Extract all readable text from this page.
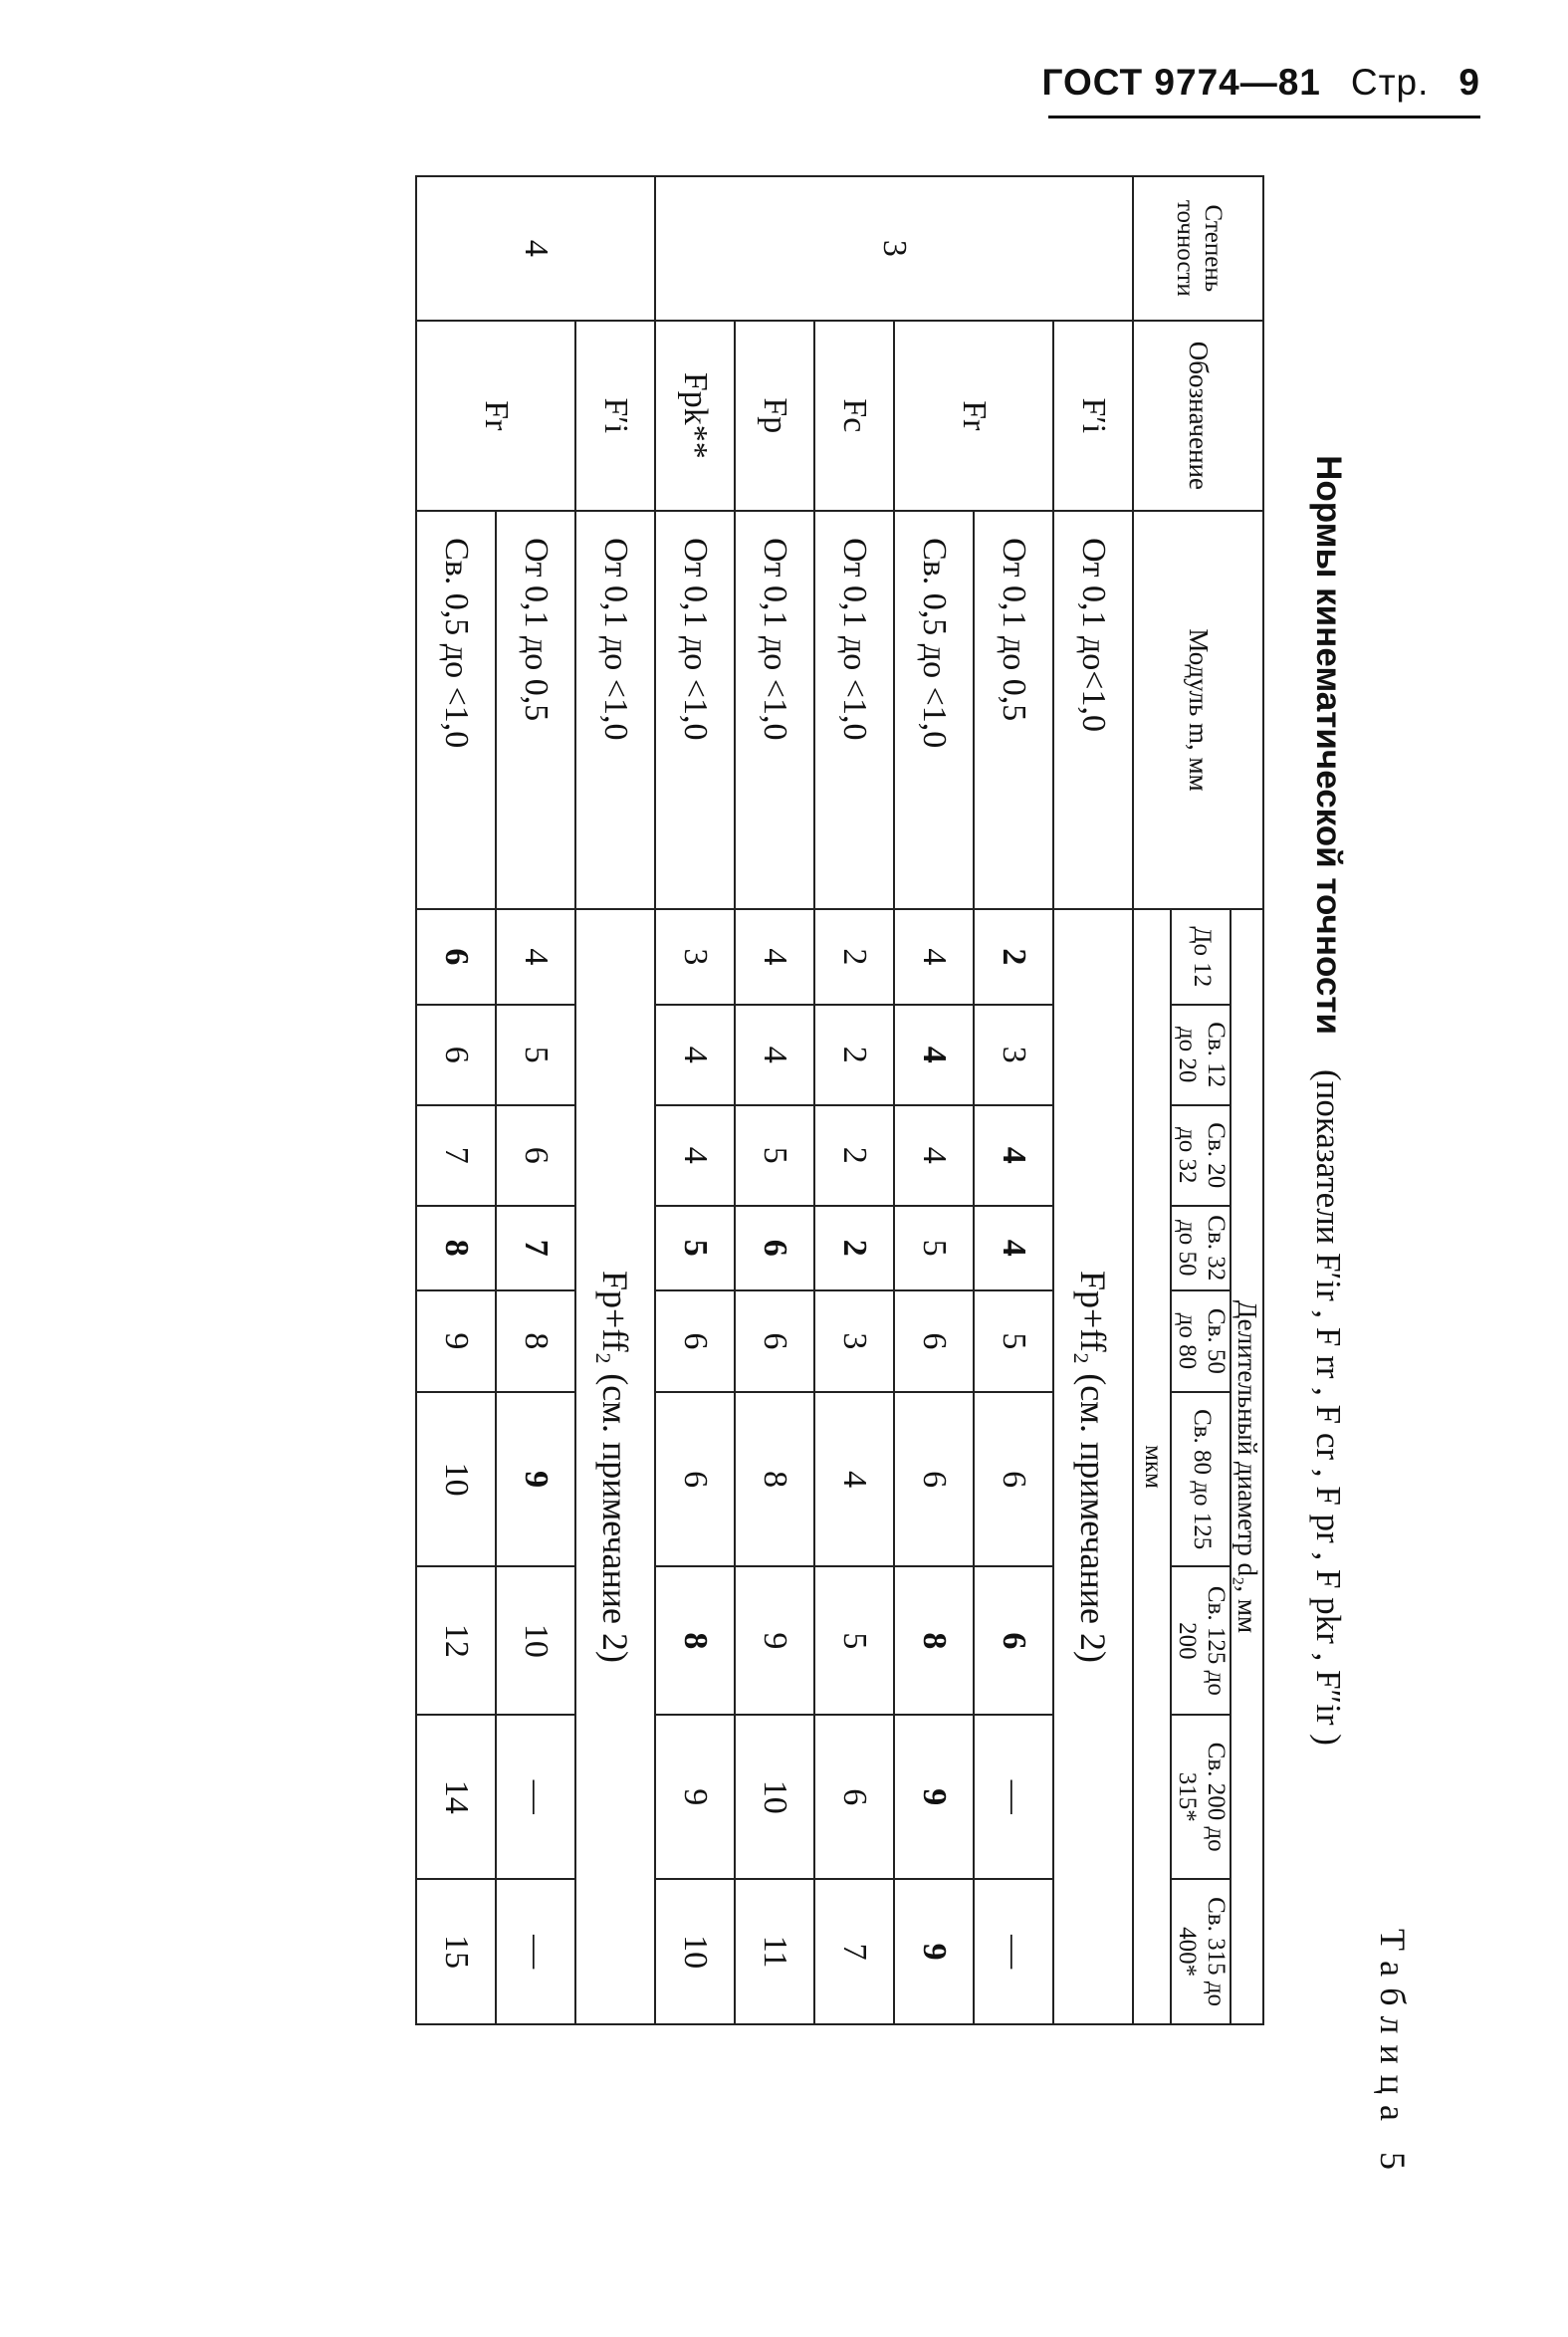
ГОСТ 9774—81 Стр. 9
Таблица 5
Нормы кинематической точности    (показатели F′ir , F rr , F cr , F pr , F pkr , F″ir )
Степень точности	Обозначение	Модуль m, мм	Делительный диаметр d₂, мм								
			До 12	Св. 12 до 20	Св. 20 до 32	Св. 32 до 50	Св. 50 до 80	Св. 80 до 125	Св. 125 до 200	Св. 200 до 315*	Св. 315 до 400*
			мкм								
3	F′i	От 0,1 до<1,0	Fp+ff₂ (см. примечание 2)								
	Fr	От 0,1 до 0,5	2	3	4	4	5	6	6	—	—
		Св. 0,5 до <1,0	4	4	4	5	6	6	8	9	9
	Fc	От 0,1 до <1,0	2	2	2	2	3	4	5	6	7
	Fp	От 0,1 до <1,0	4	4	5	6	6	8	9	10	11
	Fpk**	От 0,1 до <1,0	3	4	4	5	6	6	8	9	10
4	F′i	От 0,1 до <1,0	Fp+ff₂ (см. примечание 2)								
	Fr	От 0,1 до 0,5	4	5	6	7	8	9	10	—	—
		Св. 0,5 до <1,0	6	6	7	8	9	10	12	14	15
